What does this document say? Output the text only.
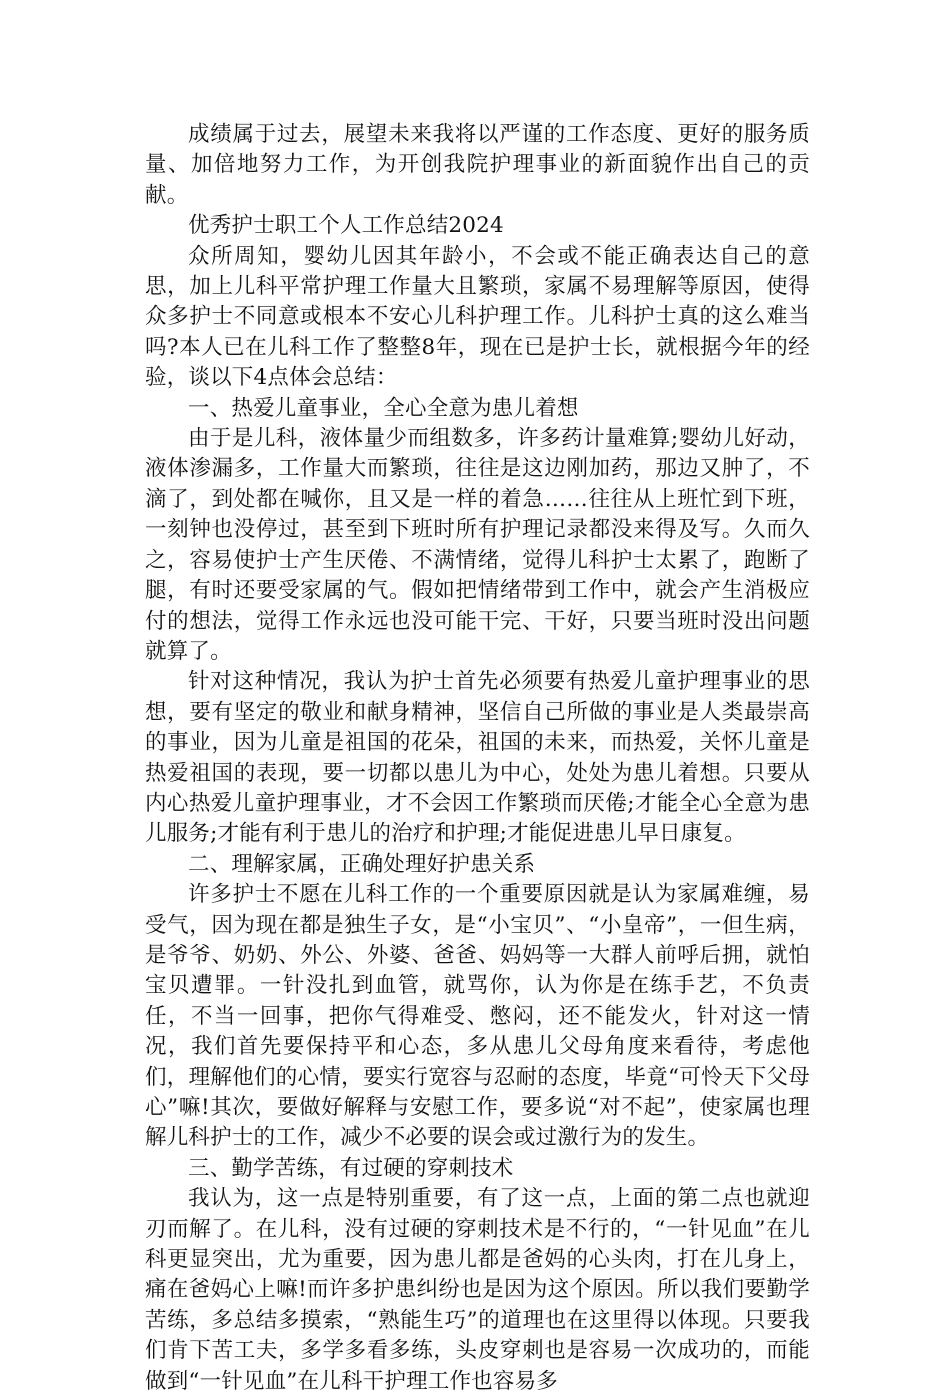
成绩属于过去，展望未来我将以严谨的工作态度、更好的服务质量、加倍地努力工作，为开创我院护理事业的新面貌作出自己的贡献。

优秀护士职工个人工作总结2024

众所周知，婴幼儿因其年龄小，不会或不能正确表达自己的意思，加上儿科平常护理工作量大且繁琐，家属不易理解等原因，使得众多护士不同意或根本不安心儿科护理工作。儿科护士真的这么难当吗?本人已在儿科工作了整整8年，现在已是护士长，就根据今年的经验，谈以下4点体会总结：

一、热爱儿童事业，全心全意为患儿着想

由于是儿科，液体量少而组数多，许多药计量难算;婴幼儿好动，液体渗漏多，工作量大而繁琐，往往是这边刚加药，那边又肿了，不滴了，到处都在喊你，且又是一样的着急……往往从上班忙到下班，一刻钟也没停过，甚至到下班时所有护理记录都没来得及写。久而久之，容易使护士产生厌倦、不满情绪，觉得儿科护士太累了，跑断了腿，有时还要受家属的气。假如把情绪带到工作中，就会产生消极应付的想法，觉得工作永远也没可能干完、干好，只要当班时没出问题就算了。

针对这种情况，我认为护士首先必须要有热爱儿童护理事业的思想，要有坚定的敬业和献身精神，坚信自己所做的事业是人类最崇高的事业，因为儿童是祖国的花朵，祖国的未来，而热爱，关怀儿童是热爱祖国的表现，要一切都以患儿为中心，处处为患儿着想。只要从内心热爱儿童护理事业，才不会因工作繁琐而厌倦;才能全心全意为患儿服务;才能有利于患儿的治疗和护理;才能促进患儿早日康复。

二、理解家属，正确处理好护患关系

许多护士不愿在儿科工作的一个重要原因就是认为家属难缠，易受气，因为现在都是独生子女，是“小宝贝”、“小皇帝”，一但生病，是爷爷、奶奶、外公、外婆、爸爸、妈妈等一大群人前呼后拥，就怕宝贝遭罪。一针没扎到血管，就骂你，认为你是在练手艺，不负责任，不当一回事，把你气得难受、憋闷，还不能发火，针对这一情况，我们首先要保持平和心态，多从患儿父母角度来看待，考虑他们，理解他们的心情，要实行宽容与忍耐的态度，毕竟“可怜天下父母心”嘛!其次，要做好解释与安慰工作，要多说“对不起”，使家属也理解儿科护士的工作，减少不必要的误会或过激行为的发生。

三、勤学苦练，有过硬的穿刺技术

我认为，这一点是特别重要，有了这一点，上面的第二点也就迎刃而解了。在儿科，没有过硬的穿刺技术是不行的，“一针见血”在儿科更显突出，尤为重要，因为患儿都是爸妈的心头肉，打在儿身上，痛在爸妈心上嘛!而许多护患纠纷也是因为这个原因。所以我们要勤学苦练，多总结多摸索，“熟能生巧”的道理也在这里得以体现。只要我们肯下苦工夫，多学多看多练，头皮穿刺也是容易一次成功的，而能做到“一针见血”在儿科干护理工作也容易多
